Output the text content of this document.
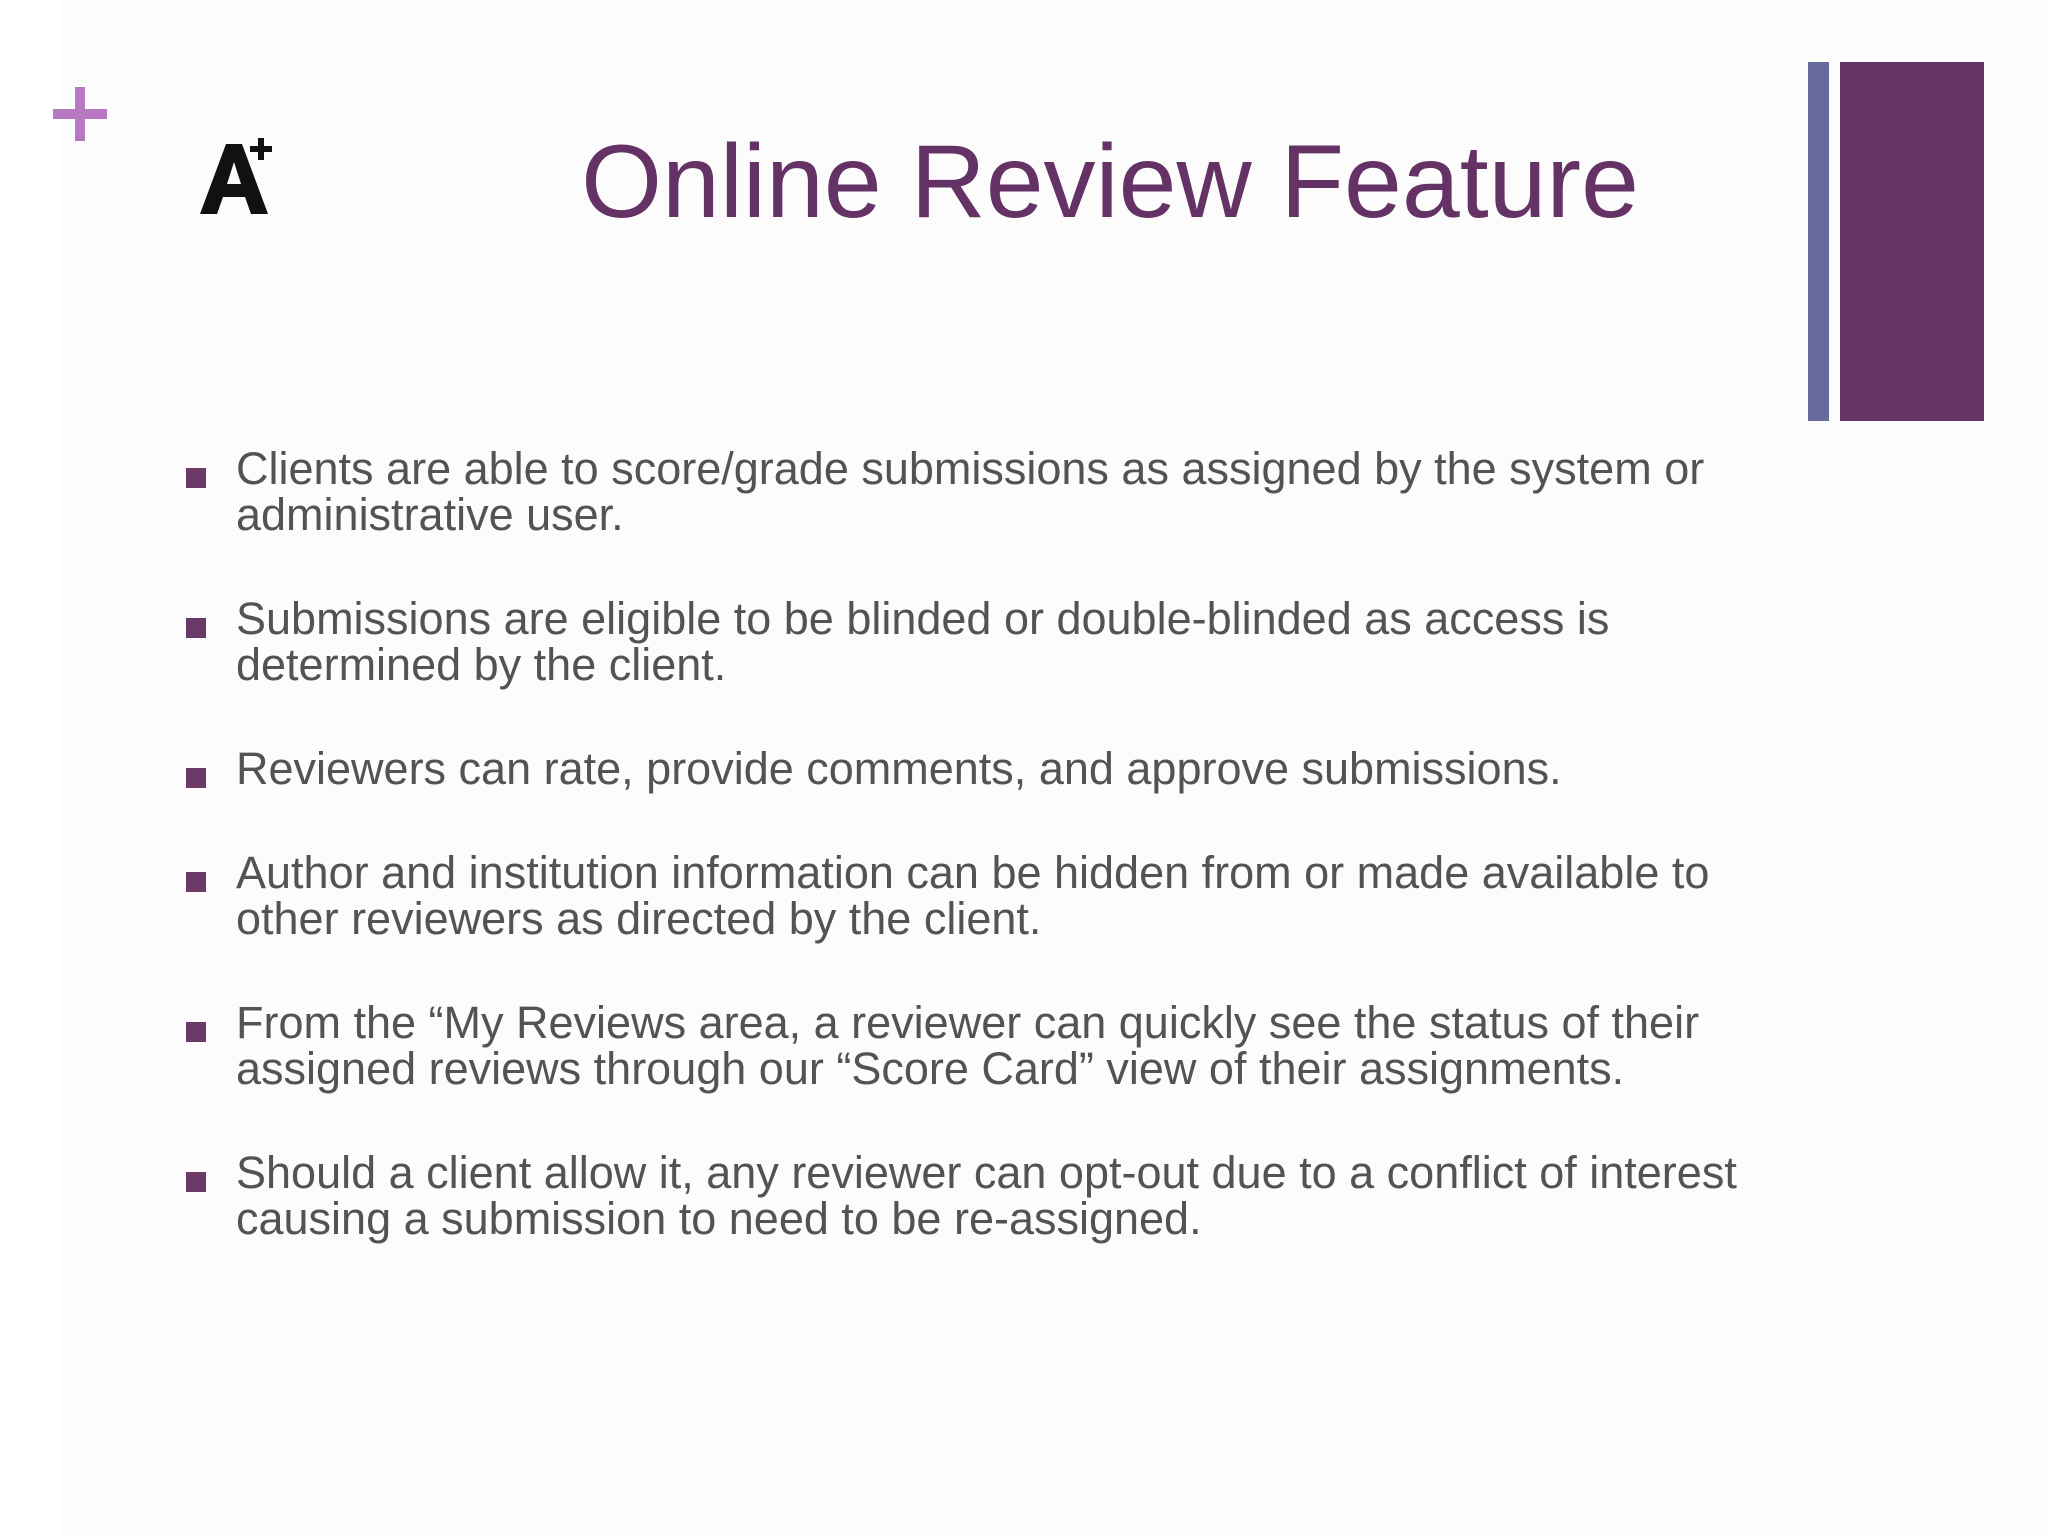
Online Review Feature
Clients are able to score/grade submissions as assigned by the system or administrative user.
Submissions are eligible to be blinded or double-blinded as access is determined by the client.
Reviewers can rate, provide comments, and approve submissions.
Author and institution information can be hidden from or made available to other reviewers as directed by the client.
From the “My Reviews area, a reviewer can quickly see the status of their assigned reviews through our “Score Card” view of their assignments.
Should a client allow it, any reviewer can opt-out due to a conflict of interest causing a submission to need to be re-assigned.
